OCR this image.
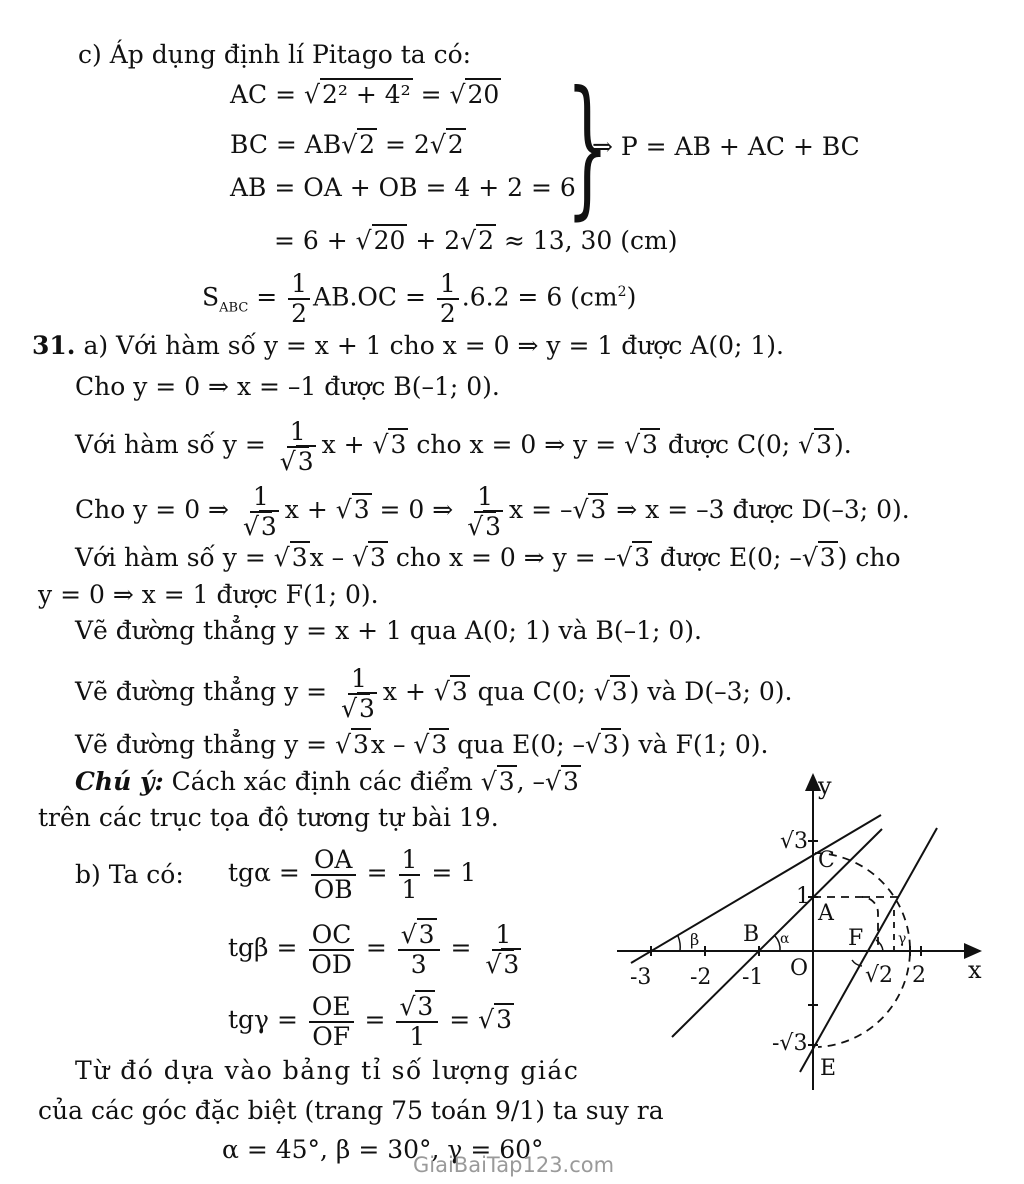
c) Áp dụng định lí Pitago ta có:
AC = √2² + 4² = √20
BC = AB√2 = 2√2
AB = OA + OB = 4 + 2 = 6
}
⇒ P = AB + AC + BC
= 6 + √20 + 2√2 ≈ 13, 30 (cm)
$S_{ABC} = \frac{1}{2} AB.OC = \frac{1}{2} .6.2 = 6$ $(cm^2)$
31. a) Với hàm số y = x + 1 cho x = 0 ⇒ y = 1 được A(0; 1).
Cho y = 0 ⇒ x = –1 được B(–1; 0).
Với hàm số $y = \frac{1}{√3}$ x + √3 cho x = 0 ⇒ y = √3 được C(0; √3).
Cho y = 0 ⇒ $\frac{1}{√3}$ x + √3 = 0 ⇒ $\frac{1}{√3}$ x = –√3 ⇒ x = –3 được D(–3; 0).
Với hàm số y = √3x – √3 cho x = 0 ⇒ y = –√3 được E(0; –√3) cho
y = 0 ⇒ x = 1 được F(1; 0).
Vẽ đường thẳng y = x + 1 qua A(0; 1) và B(–1; 0).
Vẽ đường thẳng $y = \frac{1}{√3}$ x + √3 qua C(0; √3) và D(–3; 0).
Vẽ đường thẳng y = √3x – √3 qua E(0; –√3) và F(1; 0).
Chú ý: Cách xác định các điểm √3, –√3
trên các trục tọa độ tương tự bài 19.
b) Ta có: $tg\alpha = \frac{OA}{OB} = \frac{1}{1} = 1$
$tg\beta = \frac{OC}{OD} = \frac{√3}{3} = \frac{1}{√3}$
$tg\gamma = \frac{OE}{OF} = \frac{√3}{1} = √3$
Từ đó dựa vào bảng tỉ số lượng giác
của các góc đặc biệt (trang 75 toán 9/1) ta suy ra
α = 45°, β = 30°, γ = 60°
GiaiBaiTap123.com
y
x
-3 -2 -1	√2 2
√3
1
-√3
O
C
A
B	F
E
β	α	γ
